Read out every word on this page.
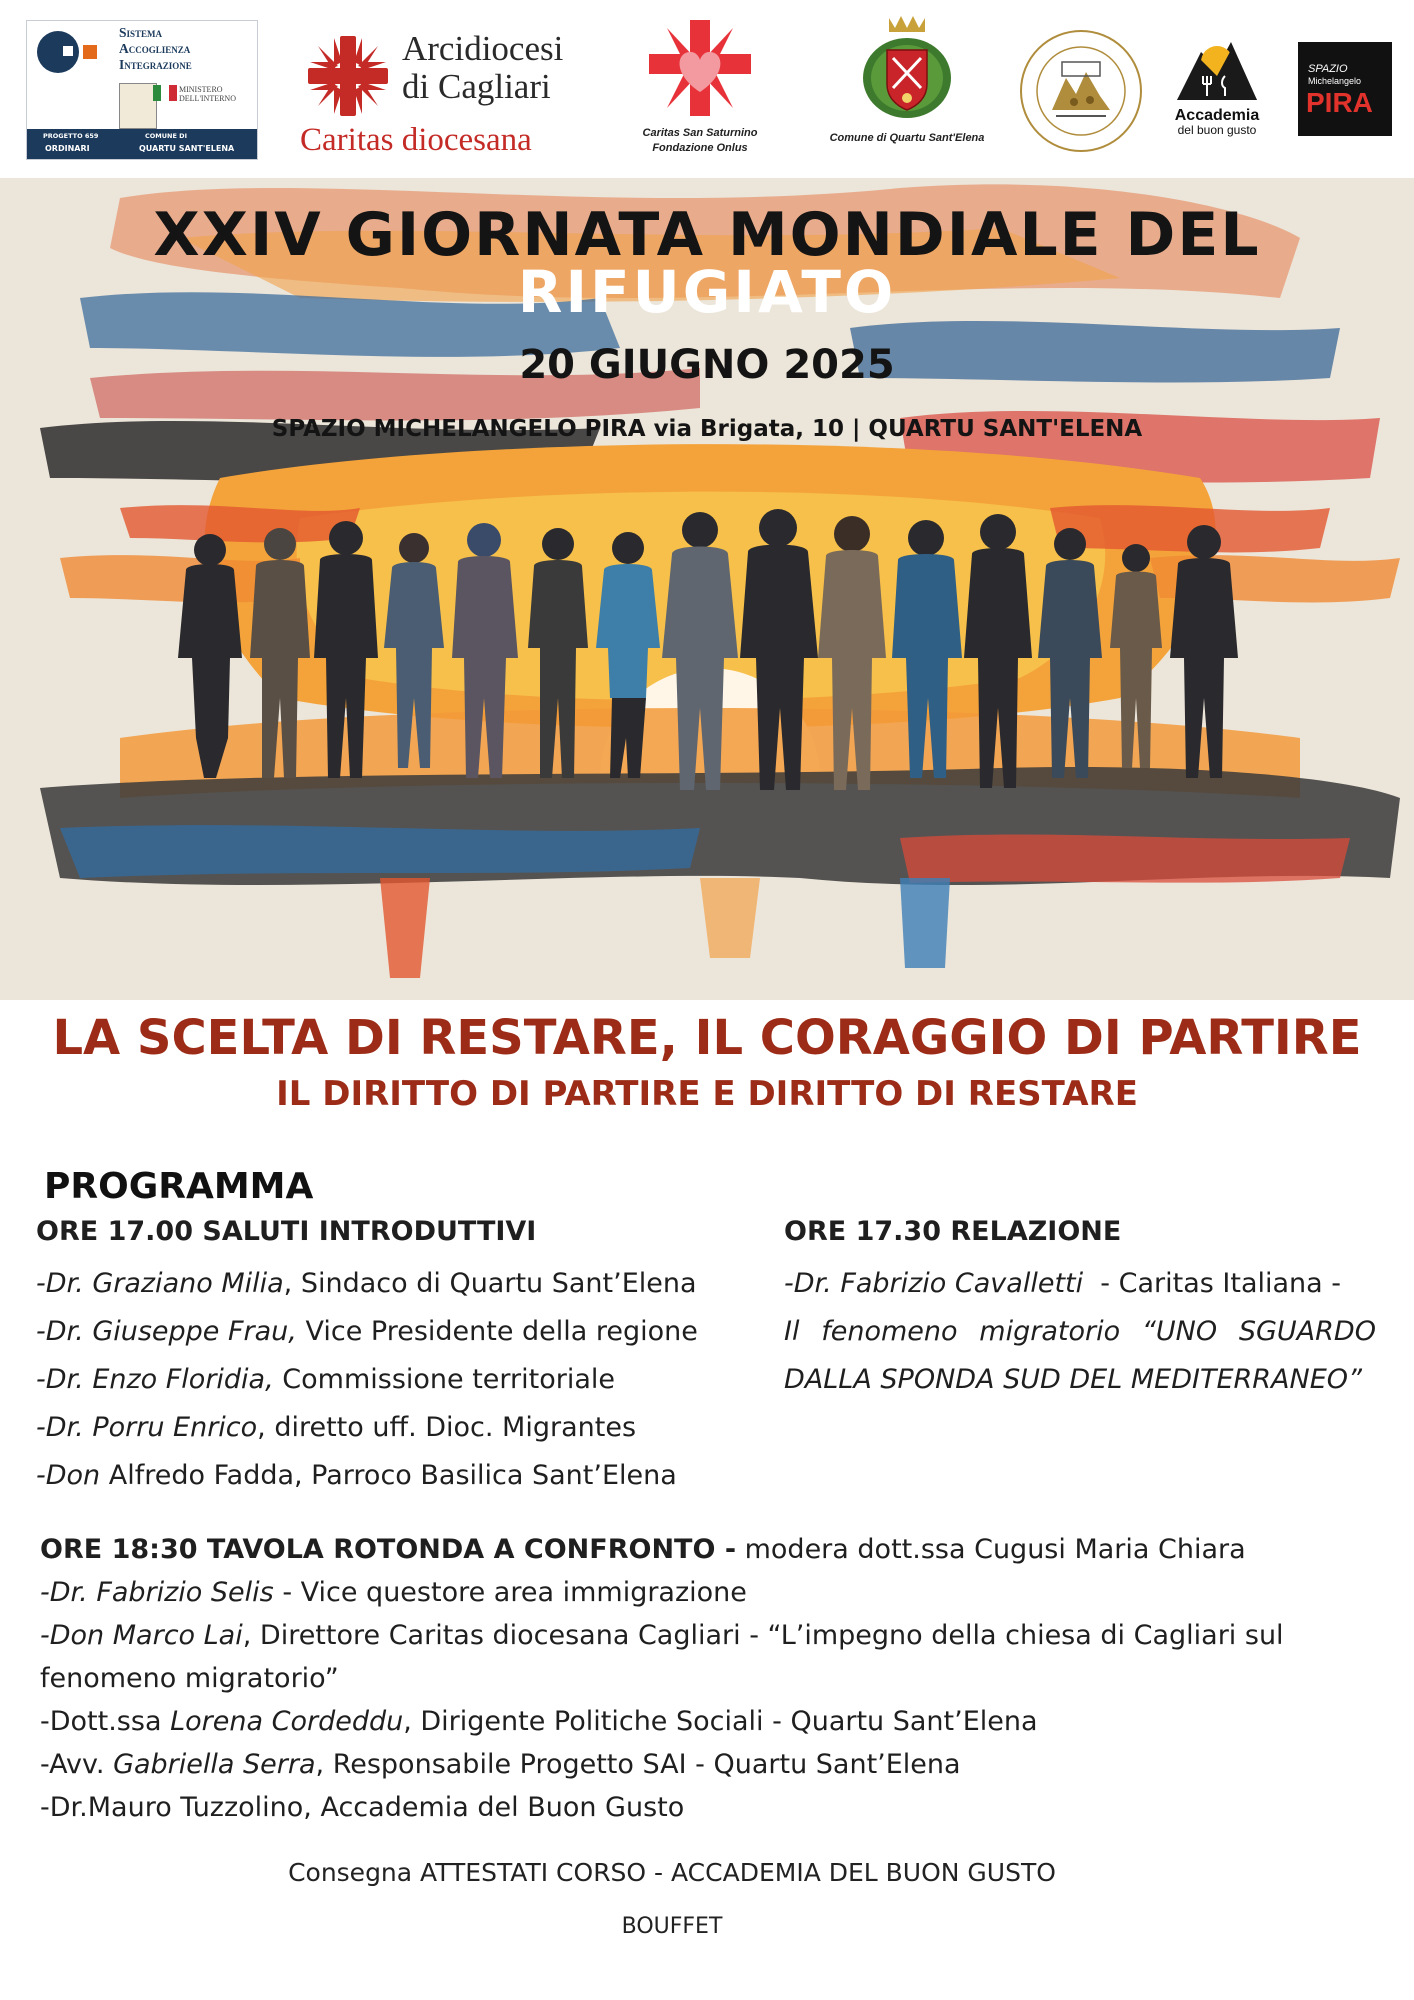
Sistema
Accoglienza
Integrazione
MINISTERO
DELL'INTERNO
PROGETTO 659	COMUNE DI
ORDINARI	QUARTU SANT'ELENA
Arcidiocesi
di Cagliari
Caritas diocesana	Caritas San Saturnino
Fondazione Onlus
Comune di Quartu Sant'Elena
Accademia
del buon gusto
SPAZIO
Michelangelo
PIRA
XXIV GIORNATA MONDIALE DEL
RIFUGIATO
20 GIUGNO 2025
SPAZIO MICHELANGELO PIRA via Brigata, 10 | QUARTU SANT'ELENA
LA SCELTA DI RESTARE, IL CORAGGIO DI PARTIRE
IL DIRITTO DI PARTIRE E DIRITTO DI RESTARE
PROGRAMMA
ORE 17.00 SALUTI INTRODUTTIVI
-Dr. Graziano Milia, Sindaco di Quartu Sant’Elena
-Dr. Giuseppe Frau, Vice Presidente della regione
-Dr. Enzo Floridia, Commissione territoriale
-Dr. Porru Enrico, diretto uff. Dioc. Migrantes
-Don Alfredo Fadda, Parroco Basilica Sant’Elena
ORE 17.30 RELAZIONE
-Dr. Fabrizio Cavalletti  - Caritas Italiana -
Il fenomeno migratorio “UNO SGUARDO
DALLA SPONDA SUD DEL MEDITERRANEO”
ORE 18:30 TAVOLA ROTONDA A CONFRONTO - modera dott.ssa Cugusi Maria Chiara
-Dr. Fabrizio Selis - Vice questore area immigrazione
-Don Marco Lai, Direttore Caritas diocesana Cagliari - “L’impegno della chiesa di Cagliari sul
fenomeno migratorio”
-Dott.ssa Lorena Cordeddu, Dirigente Politiche Sociali - Quartu Sant’Elena
-Avv. Gabriella Serra, Responsabile Progetto SAI - Quartu Sant’Elena
-Dr.Mauro Tuzzolino, Accademia del Buon Gusto
Consegna ATTESTATI CORSO - ACCADEMIA DEL BUON GUSTO
BOUFFET
